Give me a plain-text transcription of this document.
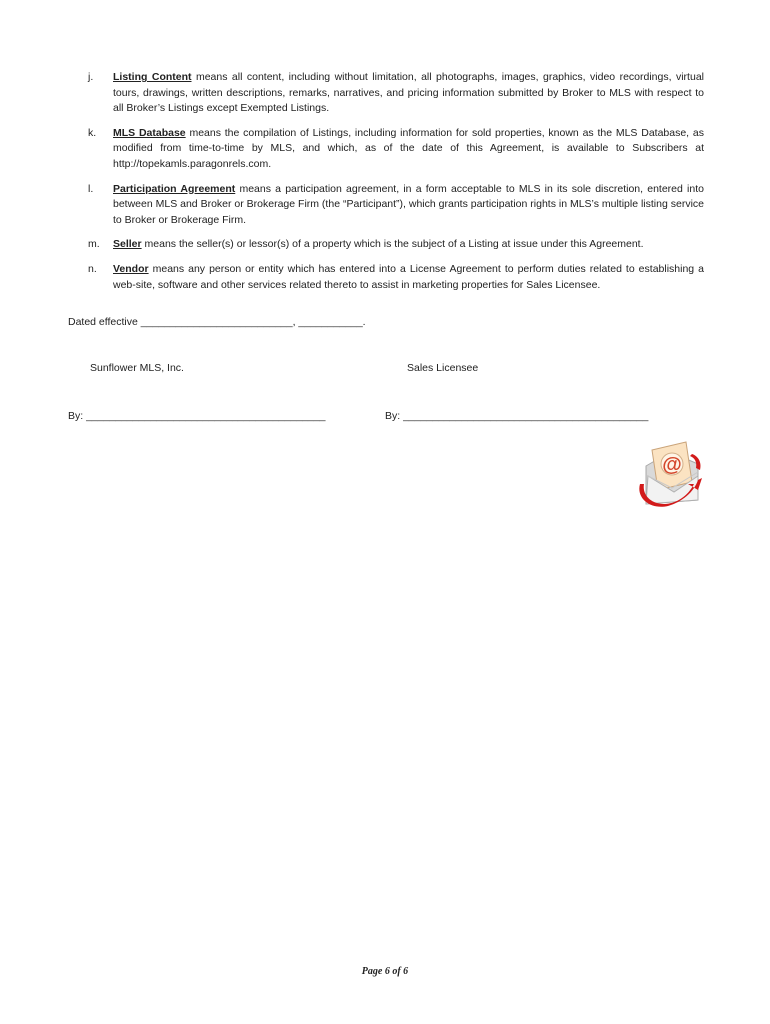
j.	Listing Content means all content, including without limitation, all photographs, images, graphics, video recordings, virtual tours, drawings, written descriptions, remarks, narratives, and pricing information submitted by Broker to MLS with respect to all Broker’s Listings except Exempted Listings.
k.	MLS Database means the compilation of Listings, including information for sold properties, known as the MLS Database, as modified from time-to-time by MLS, and which, as of the date of this Agreement, is available to Subscribers at http://topekamls.paragonrels.com.
l.	Participation Agreement means a participation agreement, in a form acceptable to MLS in its sole discretion, entered into between MLS and Broker or Brokerage Firm (the “Participant”), which grants participation rights in MLS’s multiple listing service to Broker or Brokerage Firm.
m.	Seller means the seller(s) or lessor(s) of a property which is the subject of a Listing at issue under this Agreement.
n.	Vendor means any person or entity which has entered into a License Agreement to perform duties related to establishing a web-site, software and other services related thereto to assist in marketing properties for Sales Licensee.
Dated effective __________________________, ___________.
Sunflower MLS, Inc.	Sales Licensee
By: _________________________________________	By: __________________________________________
@
Page 6 of 6
